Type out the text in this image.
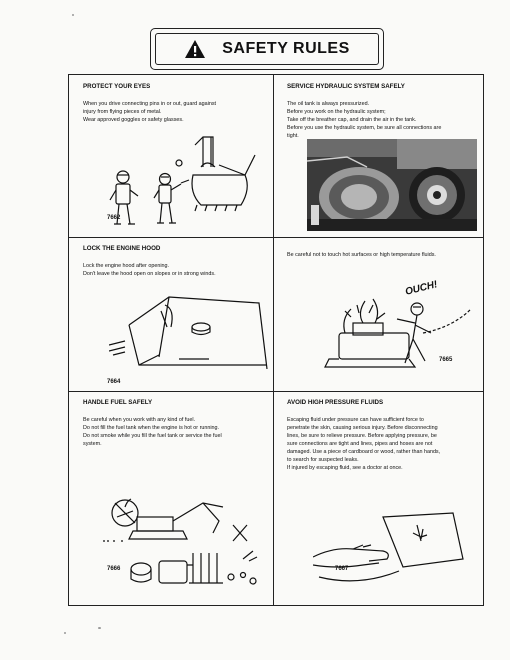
SAFETY RULES
PROTECT YOUR EYES

When you drive connecting pins in or out, guard against

injury from flying pieces of metal.

Wear approved goggles or safety glasses.

7662
SERVICE HYDRAULIC SYSTEM SAFELY

The oil tank is always pressurized.

Before you work on the hydraulic system;

Take off the breather cap, and drain the air in the tank.

Before you use the hydraulic system, be sure all connections are

tight.

LOCK THE ENGINE HOOD

Lock the engine hood after opening.

Don't leave the hood open on slopes or in strong winds.

7664

Be careful not to touch hot surfaces or high temperature fluids.

OUCH!
7665
HANDLE FUEL SAFELY

Be careful when you work with any kind of fuel.

Do not fill the fuel tank when the engine is hot or running.

Do not smoke while you fill the fuel tank or service the fuel

system.

7666
AVOID HIGH PRESSURE FLUIDS

Escaping fluid under pressure can have sufficient force to

penetrate the skin, causing serious injury. Before disconnecting

lines, be sure to relieve pressure. Before applying pressure, be

sure connections are tight and lines, pipes and hoses are not

damaged. Use a piece of cardboard or wood, rather than hands,

to search for suspected leaks.

If injured by escaping fluid, see a doctor at once.

7667
